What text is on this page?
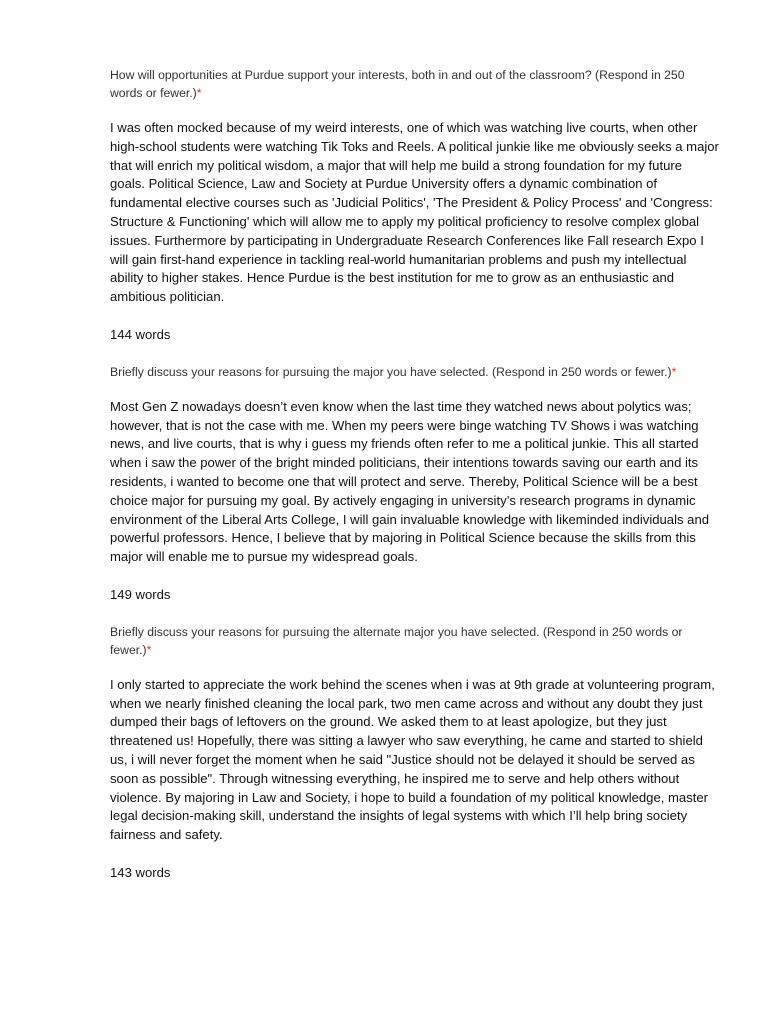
How will opportunities at Purdue support your interests, both in and out of the classroom? (Respond in 250 words or fewer.)*

I was often mocked because of my weird interests, one of which was watching live courts, when other high-school students were watching Tik Toks and Reels. A political junkie like me obviously seeks a major that will enrich my political wisdom, a major that will help me build a strong foundation for my future goals. Political Science, Law and Society at Purdue University offers a dynamic combination of fundamental elective courses such as 'Judicial Politics', 'The President & Policy Process' and 'Congress: Structure & Functioning' which will allow me to apply my political proficiency to resolve complex global issues. Furthermore by participating in Undergraduate Research Conferences like Fall research Expo I will gain first-hand experience in tackling real-world humanitarian problems and push my intellectual ability to higher stakes. Hence Purdue is the best institution for me to grow as an enthusiastic and ambitious politician.

144 words

Briefly discuss your reasons for pursuing the major you have selected. (Respond in 250 words or fewer.)*

Most Gen Z nowadays doesn’t even know when the last time they watched news about polytics was; however, that is not the case with me. When my peers were binge watching TV Shows i was watching news, and live courts, that is why i guess my friends often refer to me a political junkie. This all started when i saw the power of the bright minded politicians, their intentions towards saving our earth and its residents, i wanted to become one that will protect and serve. Thereby, Political Science will be a best choice major for pursuing my goal. By actively engaging in university’s research programs in dynamic environment of the Liberal Arts College, I will gain invaluable knowledge with likeminded individuals and powerful professors. Hence, I believe that by majoring in Political Science because the skills from this major will enable me to pursue my widespread goals.

149 words

Briefly discuss your reasons for pursuing the alternate major you have selected. (Respond in 250 words or fewer.)*

I only started to appreciate the work behind the scenes when i was at 9th grade at volunteering program, when we nearly finished cleaning the local park, two men came across and without any doubt they just dumped their bags of leftovers on the ground. We asked them to at least apologize, but they just threatened us! Hopefully, there was sitting a lawyer who saw everything, he came and started to shield us, i will never forget the moment when he said "Justice should not be delayed it should be served as soon as possible". Through witnessing everything, he inspired me to serve and help others without violence. By majoring in Law and Society, i hope to build a foundation of my political knowledge, master legal decision-making skill, understand the insights of legal systems with which I’ll help bring society fairness and safety.

143 words
